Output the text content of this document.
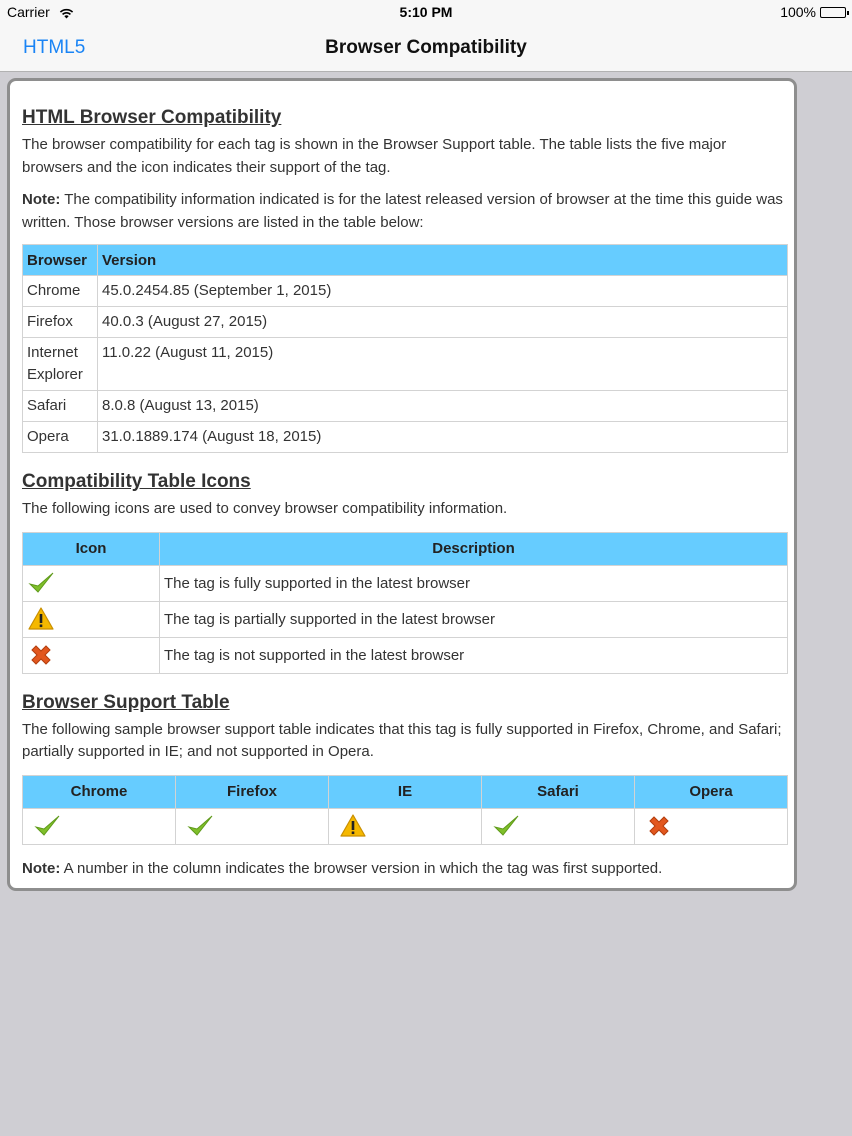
Carrier	5:10 PM	100%
HTML5	Browser Compatibility
HTML Browser Compatibility

The browser compatibility for each tag is shown in the Browser Support table. The table lists the five major browsers and the icon indicates their support of the tag.

Note: The compatibility information indicated is for the latest released version of browser at the time this guide was written. Those browser versions are listed in the table below:

Browser	Version
Chrome	45.0.2454.85 (September 1, 2015)
Firefox	40.0.3 (August 27, 2015)
Internet Explorer	11.0.22 (August 11, 2015)
Safari	8.0.8 (August 13, 2015)
Opera	31.0.1889.174 (August 18, 2015)
Compatibility Table Icons

The following icons are used to convey browser compatibility information.

Icon	Description
	The tag is fully supported in the latest browser
	The tag is partially supported in the latest browser
	The tag is not supported in the latest browser
Browser Support Table

The following sample browser support table indicates that this tag is fully supported in Firefox, Chrome, and Safari; partially supported in IE; and not supported in Opera.

Chrome	Firefox	IE	Safari	Opera

Note: A number in the column indicates the browser version in which the tag was first supported.
